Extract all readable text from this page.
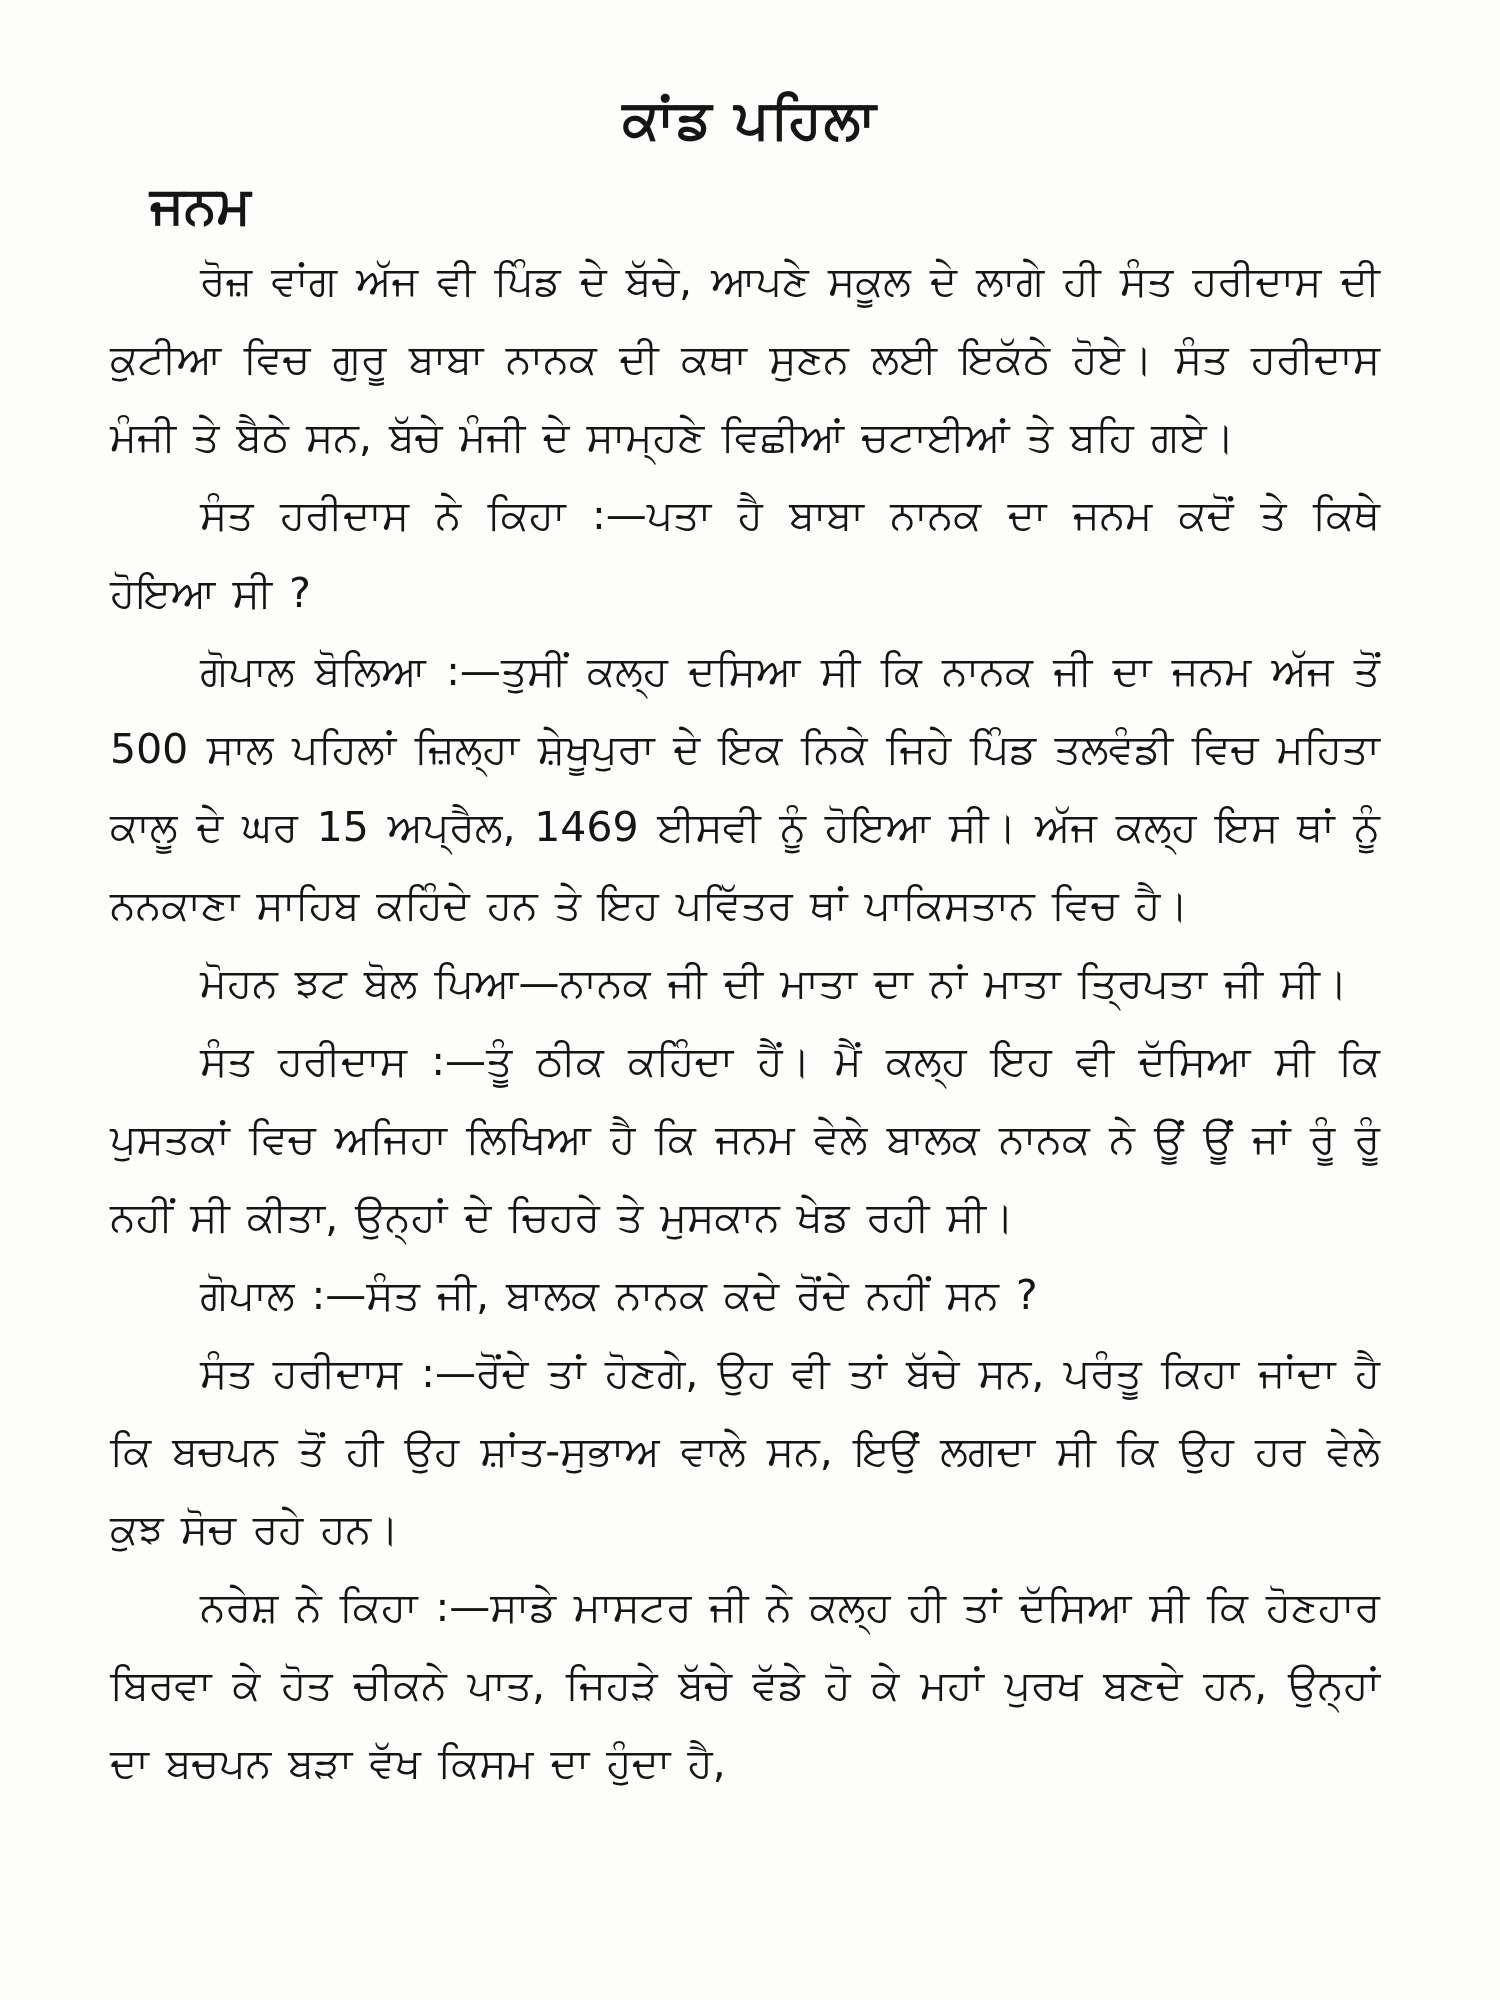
ਕਾਂਡ ਪਹਿਲਾ
ਜਨਮ

ਰੋਜ਼ ਵਾਂਗ ਅੱਜ ਵੀ ਪਿੰਡ ਦੇ ਬੱਚੇ, ਆਪਣੇ ਸਕੂਲ ਦੇ ਲਾਗੇ ਹੀ ਸੰਤ ਹਰੀਦਾਸ ਦੀ ਕੁਟੀਆ ਵਿਚ ਗੁਰੂ ਬਾਬਾ ਨਾਨਕ ਦੀ ਕਥਾ ਸੁਣਨ ਲਈ ਇਕੱਠੇ ਹੋਏ। ਸੰਤ ਹਰੀਦਾਸ ਮੰਜੀ ਤੇ ਬੈਠੇ ਸਨ, ਬੱਚੇ ਮੰਜੀ ਦੇ ਸਾਮ੍ਹਣੇ ਵਿਛੀਆਂ ਚਟਾਈਆਂ ਤੇ ਬਹਿ ਗਏ।

ਸੰਤ ਹਰੀਦਾਸ ਨੇ ਕਿਹਾ :—ਪਤਾ ਹੈ ਬਾਬਾ ਨਾਨਕ ਦਾ ਜਨਮ ਕਦੋਂ ਤੇ ਕਿਥੇ ਹੋਇਆ ਸੀ ?

ਗੋਪਾਲ ਬੋਲਿਆ :—ਤੁਸੀਂ ਕਲ੍ਹ ਦਸਿਆ ਸੀ ਕਿ ਨਾਨਕ ਜੀ ਦਾ ਜਨਮ ਅੱਜ ਤੋਂ 500 ਸਾਲ ਪਹਿਲਾਂ ਜ਼ਿਲ੍ਹਾ ਸ਼ੇਖੂਪੁਰਾ ਦੇ ਇਕ ਨਿਕੇ ਜਿਹੇ ਪਿੰਡ ਤਲਵੰਡੀ ਵਿਚ ਮਹਿਤਾ ਕਾਲੂ ਦੇ ਘਰ 15 ਅਪ੍ਰੈਲ, 1469 ਈਸਵੀ ਨੂੰ ਹੋਇਆ ਸੀ। ਅੱਜ ਕਲ੍ਹ ਇਸ ਥਾਂ ਨੂੰ ਨਨਕਾਣਾ ਸਾਹਿਬ ਕਹਿੰਦੇ ਹਨ ਤੇ ਇਹ ਪਵਿੱਤਰ ਥਾਂ ਪਾਕਿਸਤਾਨ ਵਿਚ ਹੈ।

ਮੋਹਨ ਝਟ ਬੋਲ ਪਿਆ—ਨਾਨਕ ਜੀ ਦੀ ਮਾਤਾ ਦਾ ਨਾਂ ਮਾਤਾ ਤ੍ਰਿਪਤਾ ਜੀ ਸੀ।

ਸੰਤ ਹਰੀਦਾਸ :—ਤੂੰ ਠੀਕ ਕਹਿੰਦਾ ਹੈਂ। ਮੈਂ ਕਲ੍ਹ ਇਹ ਵੀ ਦੱਸਿਆ ਸੀ ਕਿ ਪੁਸਤਕਾਂ ਵਿਚ ਅਜਿਹਾ ਲਿਖਿਆ ਹੈ ਕਿ ਜਨਮ ਵੇਲੇ ਬਾਲਕ ਨਾਨਕ ਨੇ ਊਂ ਊਂ ਜਾਂ ਰੂੰ ਰੂੰ ਨਹੀਂ ਸੀ ਕੀਤਾ, ਉਨ੍ਹਾਂ ਦੇ ਚਿਹਰੇ ਤੇ ਮੁਸਕਾਨ ਖੇਡ ਰਹੀ ਸੀ।

ਗੋਪਾਲ :—ਸੰਤ ਜੀ, ਬਾਲਕ ਨਾਨਕ ਕਦੇ ਰੋਂਦੇ ਨਹੀਂ ਸਨ ?

ਸੰਤ ਹਰੀਦਾਸ :—ਰੋਂਦੇ ਤਾਂ ਹੋਣਗੇ, ਉਹ ਵੀ ਤਾਂ ਬੱਚੇ ਸਨ, ਪਰੰਤੂ ਕਿਹਾ ਜਾਂਦਾ ਹੈ ਕਿ ਬਚਪਨ ਤੋਂ ਹੀ ਉਹ ਸ਼ਾਂਤ-ਸੁਭਾਅ ਵਾਲੇ ਸਨ, ਇਉਂ ਲਗਦਾ ਸੀ ਕਿ ਉਹ ਹਰ ਵੇਲੇ ਕੁਝ ਸੋਚ ਰਹੇ ਹਨ।

ਨਰੇਸ਼ ਨੇ ਕਿਹਾ :—ਸਾਡੇ ਮਾਸਟਰ ਜੀ ਨੇ ਕਲ੍ਹ ਹੀ ਤਾਂ ਦੱਸਿਆ ਸੀ ਕਿ ਹੋਣਹਾਰ ਬਿਰਵਾ ਕੇ ਹੋਤ ਚੀਕਨੇ ਪਾਤ, ਜਿਹੜੇ ਬੱਚੇ ਵੱਡੇ ਹੋ ਕੇ ਮਹਾਂ ਪੁਰਖ ਬਣਦੇ ਹਨ, ਉਨ੍ਹਾਂ ਦਾ ਬਚਪਨ ਬੜਾ ਵੱਖ ਕਿਸਮ ਦਾ ਹੁੰਦਾ ਹੈ,
